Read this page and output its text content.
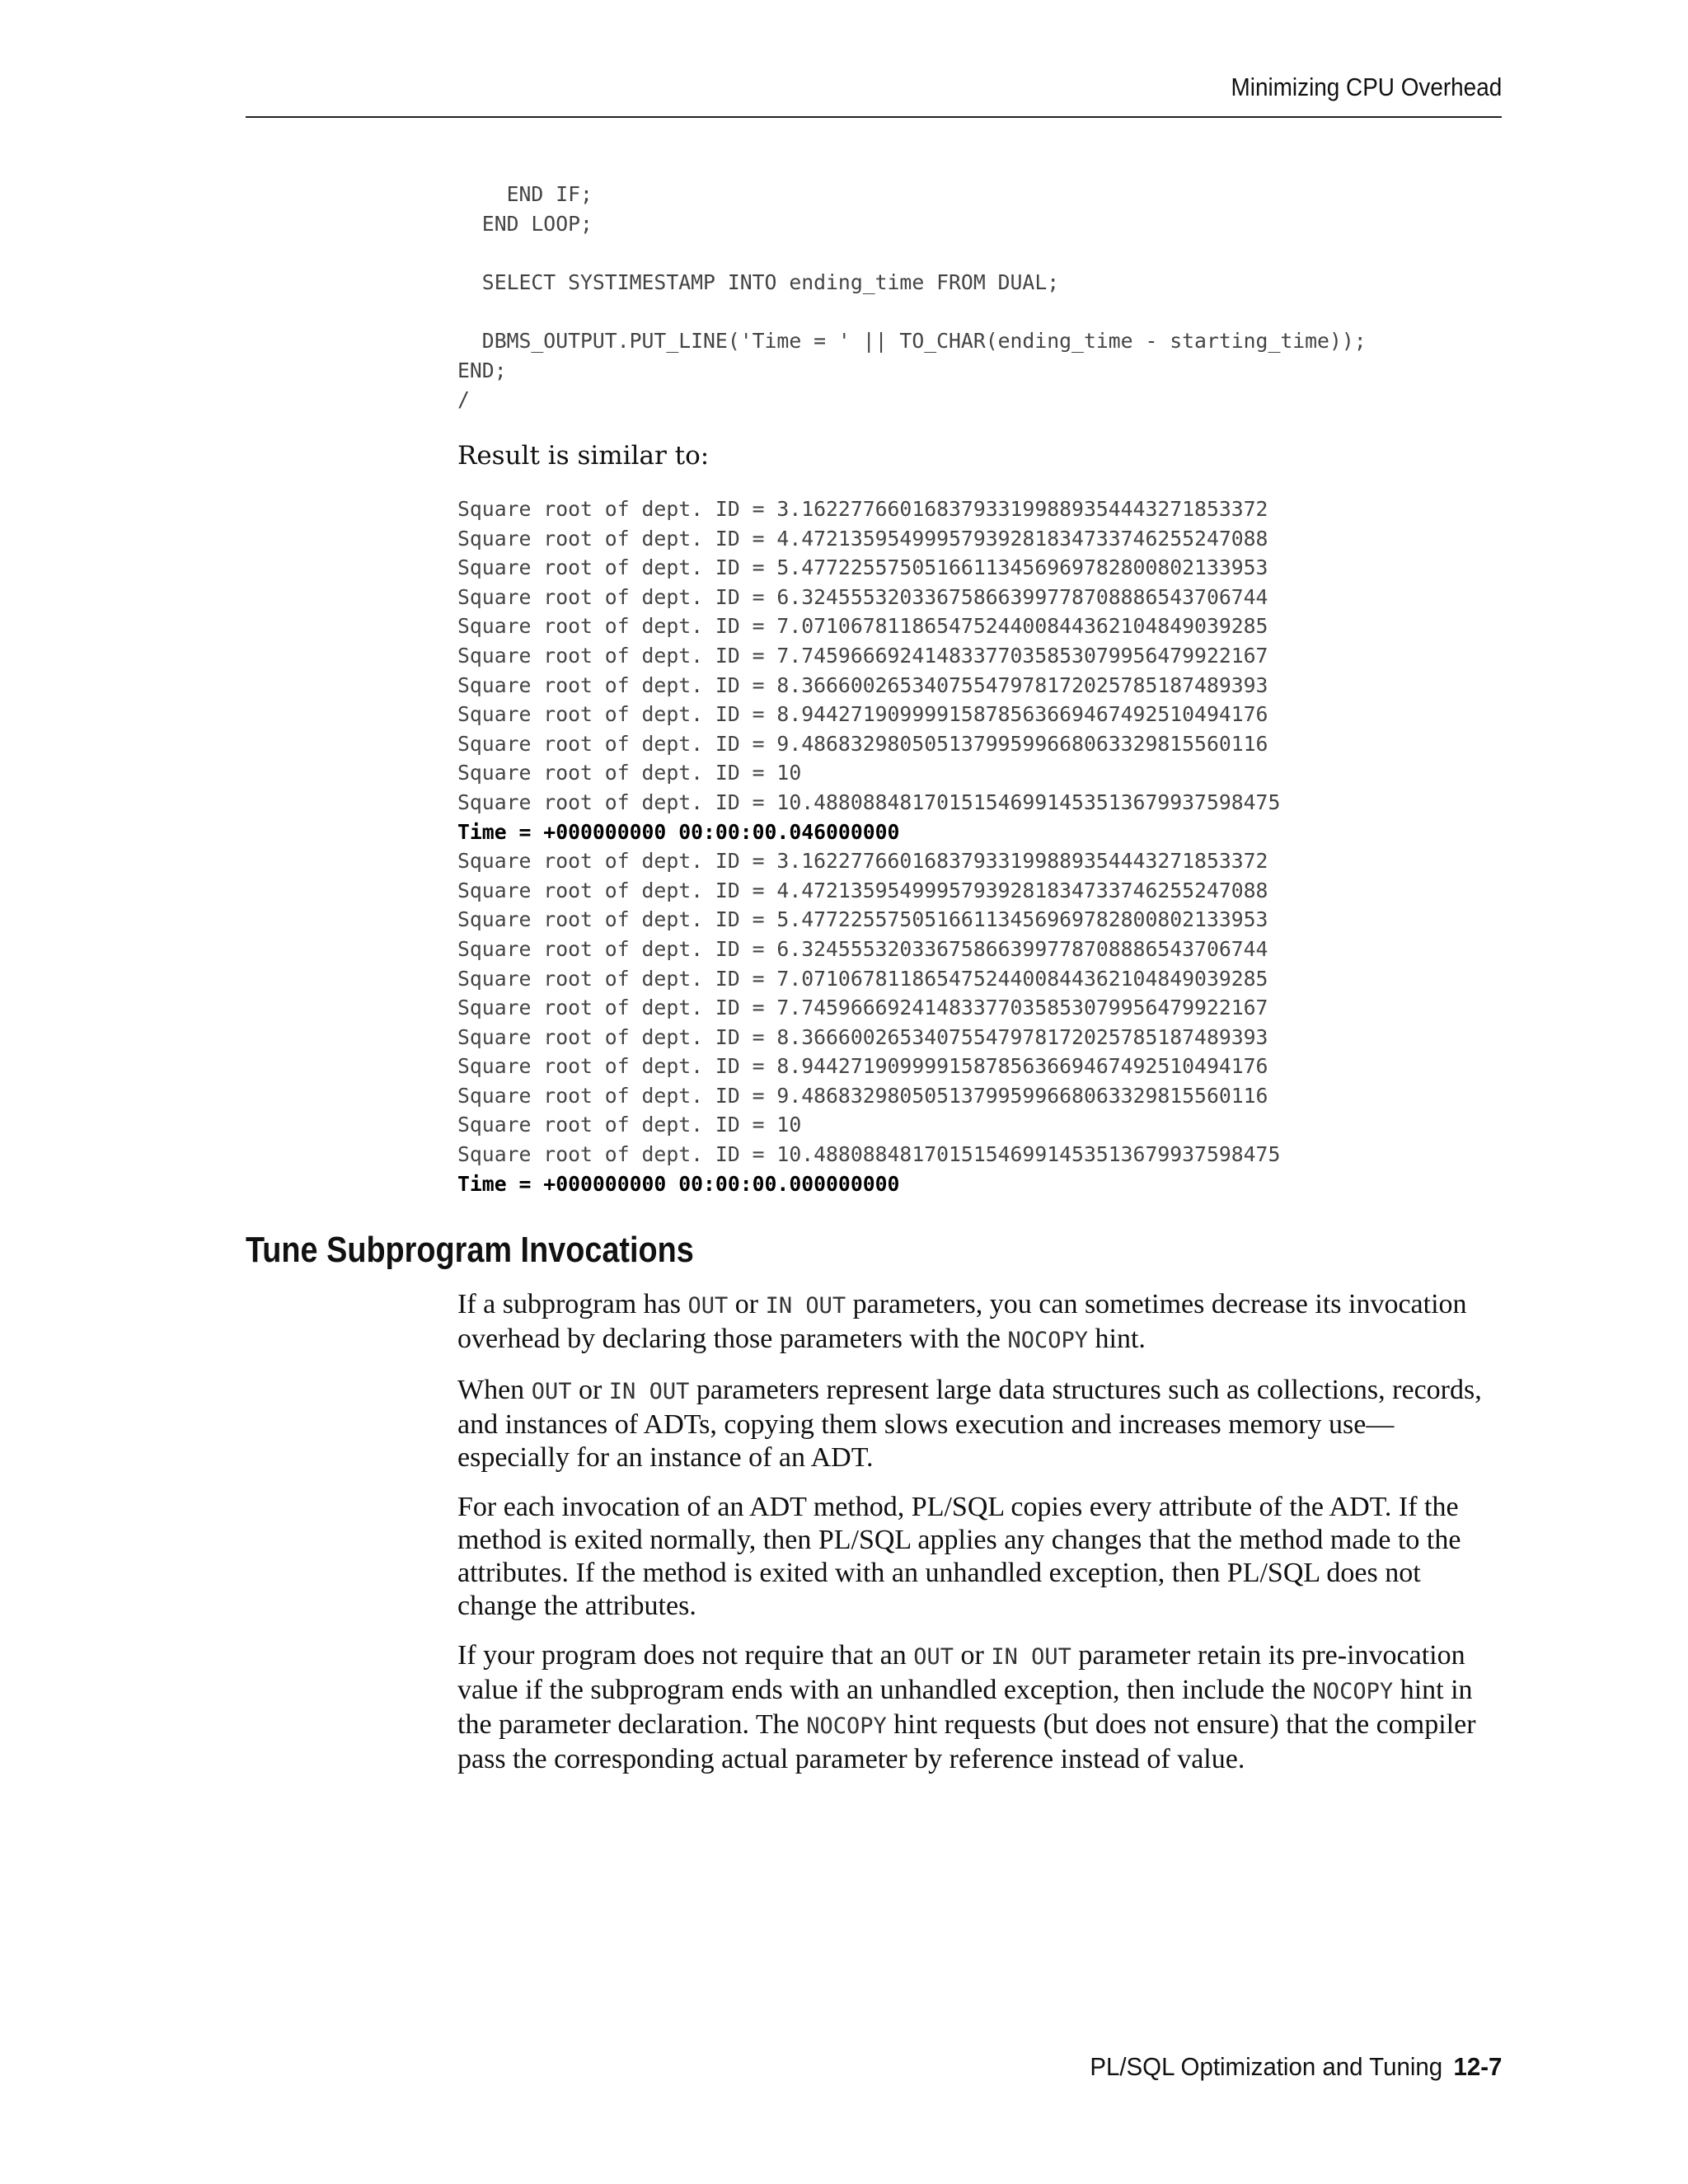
Minimizing CPU Overhead
END IF;
END LOOP;

SELECT SYSTIMESTAMP INTO ending_time FROM DUAL;

DBMS_OUTPUT.PUT_LINE('Time = ' || TO_CHAR(ending_time - starting_time));
END;
/
Result is similar to:
Square root of dept. ID = 3.16227766016837933199889354443271853372
Square root of dept. ID = 4.47213595499957939281834733746255247088
Square root of dept. ID = 5.47722557505166113456969782800802133953
Square root of dept. ID = 6.32455532033675866399778708886543706744
Square root of dept. ID = 7.07106781186547524400844362104849039285
Square root of dept. ID = 7.74596669241483377035853079956479922167
Square root of dept. ID = 8.36660026534075547978172025785187489393
Square root of dept. ID = 8.94427190999915878563669467492510494176
Square root of dept. ID = 9.48683298050513799599668063329815560116
Square root of dept. ID = 10
Square root of dept. ID = 10.48808848170151546991453513679937598475
Time = +000000000 00:00:00.046000000
Square root of dept. ID = 3.16227766016837933199889354443271853372
Square root of dept. ID = 4.47213595499957939281834733746255247088
Square root of dept. ID = 5.47722557505166113456969782800802133953
Square root of dept. ID = 6.32455532033675866399778708886543706744
Square root of dept. ID = 7.07106781186547524400844362104849039285
Square root of dept. ID = 7.74596669241483377035853079956479922167
Square root of dept. ID = 8.36660026534075547978172025785187489393
Square root of dept. ID = 8.94427190999915878563669467492510494176
Square root of dept. ID = 9.48683298050513799599668063329815560116
Square root of dept. ID = 10
Square root of dept. ID = 10.48808848170151546991453513679937598475
Time = +000000000 00:00:00.000000000
Tune Subprogram Invocations

If a subprogram has OUT or IN OUT parameters, you can sometimes decrease its invocation overhead by declaring those parameters with the NOCOPY hint.

When OUT or IN OUT parameters represent large data structures such as collections, records, and instances of ADTs, copying them slows execution and increases memory use—especially for an instance of an ADT.

For each invocation of an ADT method, PL/SQL copies every attribute of the ADT. If the method is exited normally, then PL/SQL applies any changes that the method made to the attributes. If the method is exited with an unhandled exception, then PL/SQL does not change the attributes.

If your program does not require that an OUT or IN OUT parameter retain its pre-invocation value if the subprogram ends with an unhandled exception, then include the NOCOPY hint in the parameter declaration. The NOCOPY hint requests (but does not ensure) that the compiler pass the corresponding actual parameter by reference instead of value.

PL/SQL Optimization and Tuning 12-7
